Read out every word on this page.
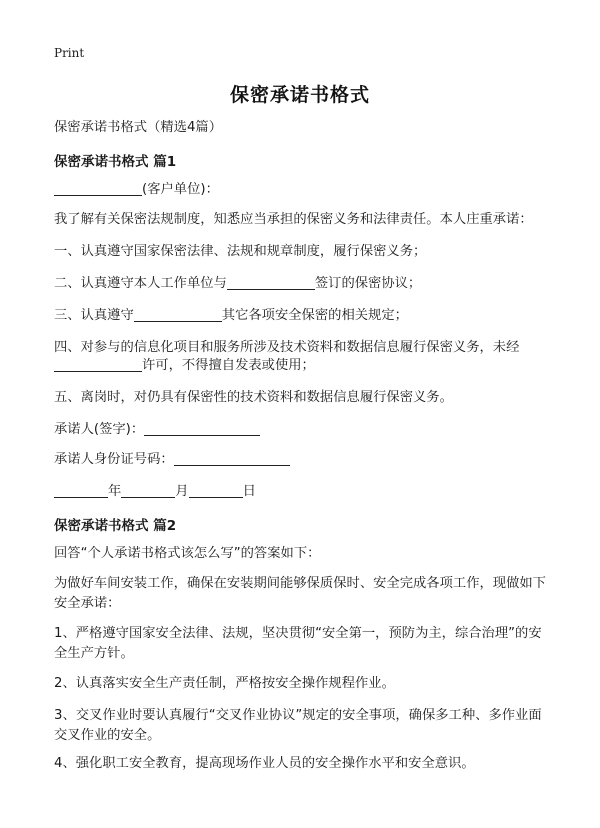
Print
保密承诺书格式
保密承诺书格式（精选4篇）
保密承诺书格式 篇1
(客户单位)：
我了解有关保密法规制度，知悉应当承担的保密义务和法律责任。本人庄重承诺：
一、认真遵守国家保密法律、法规和规章制度，履行保密义务；
二、认真遵守本人工作单位与	签订的保密协议；
三、认真遵守	其它各项安全保密的相关规定；
四、对参与的信息化项目和服务所涉及技术资料和数据信息履行保密义务，未经
许可，不得擅自发表或使用；
五、离岗时，对仍具有保密性的技术资料和数据信息履行保密义务。
承诺人(签字)：
承诺人身份证号码：
年	月	日
保密承诺书格式 篇2
回答“个人承诺书格式该怎么写”的答案如下：
为做好车间安装工作，确保在安装期间能够保质保时、安全完成各项工作，现做如下安全承诺：
1、严格遵守国家安全法律、法规，坚决贯彻“安全第一，预防为主，综合治理”的安全生产方针。
2、认真落实安全生产责任制，严格按安全操作规程作业。
3、交叉作业时要认真履行“交叉作业协议”规定的安全事项，确保多工种、多作业面交叉作业的安全。
4、强化职工安全教育，提高现场作业人员的安全操作水平和安全意识。
